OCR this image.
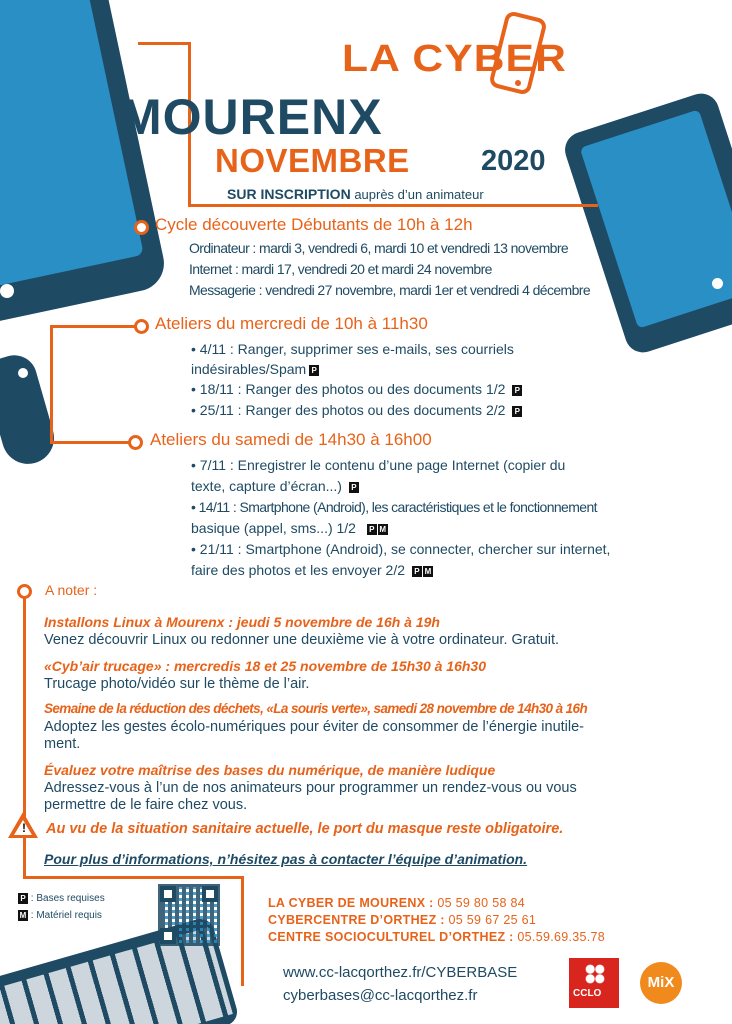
LA CYBER
MOURENX
NOVEMBRE 2020
SUR INSCRIPTION auprès d’un animateur
Cycle découverte Débutants de 10h à 12h
Ordinateur : mardi 3, vendredi 6, mardi 10 et vendredi 13 novembre
Internet : mardi 17, vendredi 20 et mardi 24 novembre
Messagerie : vendredi 27 novembre, mardi 1er et vendredi 4 décembre
Ateliers du mercredi de 10h à 11h30
• 4/11 : Ranger, supprimer ses e-mails, ses courriels
indésirables/Spam P
• 18/11 : Ranger des photos ou des documents 1/2 P
• 25/11 : Ranger des photos ou des documents 2/2 P
Ateliers du samedi de 14h30 à 16h00
• 7/11 : Enregistrer le contenu d’une page Internet (copier du
texte, capture d’écran...) P
• 14/11 : Smartphone (Android), les caractéristiques et le fonctionnement
basique (appel, sms...) 1/2 P M
• 21/11 : Smartphone (Android), se connecter, chercher sur internet,
faire des photos et les envoyer 2/2 P M
A noter :
Installons Linux à Mourenx : jeudi 5 novembre de 16h à 19h
Venez découvrir Linux ou redonner une deuxième vie à votre ordinateur. Gratuit.
«Cyb’air trucage» : mercredis 18 et 25 novembre de 15h30 à 16h30
Trucage photo/vidéo sur le thème de l’air.
Semaine de la réduction des déchets, «La souris verte», samedi 28 novembre de 14h30 à 16h
Adoptez les gestes écolo-numériques pour éviter de consommer de l’énergie inutile-
ment.
Évaluez votre maîtrise des bases du numérique, de manière ludique
Adressez-vous à l’un de nos animateurs pour programmer un rendez-vous ou vous
permettre de le faire chez vous.
! Au vu de la situation sanitaire actuelle, le port du masque reste obligatoire.
Pour plus d’informations, n’hésitez pas à contacter l’équipe d’animation.
P : Bases requises
M : Matériel requis
LA CYBER DE MOURENX : 05 59 80 58 84
CYBERCENTRE D’ORTHEZ : 05 59 67 25 61
CENTRE SOCIOCULTUREL D’ORTHEZ : 05.59.69.35.78
www.cc-lacqorthez.fr/CYBERBASE
cyberbases@cc-lacqorthez.fr	CCLO
MiX
